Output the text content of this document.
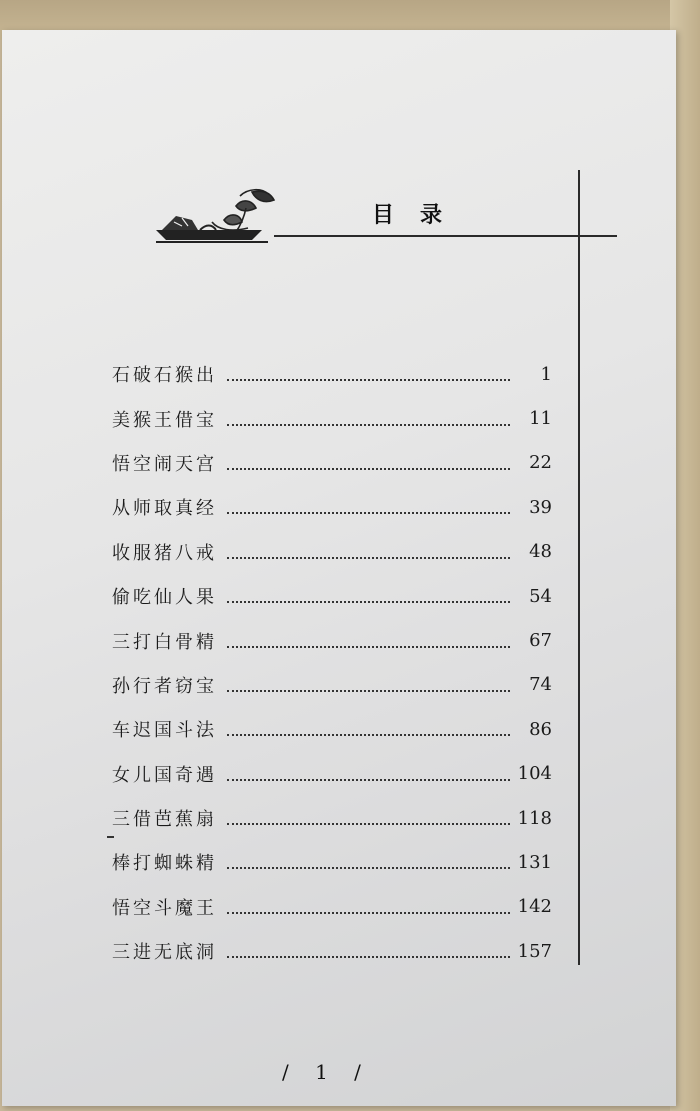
目录
石破石猴出	1
美猴王借宝	11
悟空闹天宫	22
从师取真经	39
收服猪八戒	48
偷吃仙人果	54
三打白骨精	67
孙行者窃宝	74
车迟国斗法	86
女儿国奇遇	104
三借芭蕉扇	118
棒打蜘蛛精	131
悟空斗魔王	142
三进无底洞	157
/ 1 /
